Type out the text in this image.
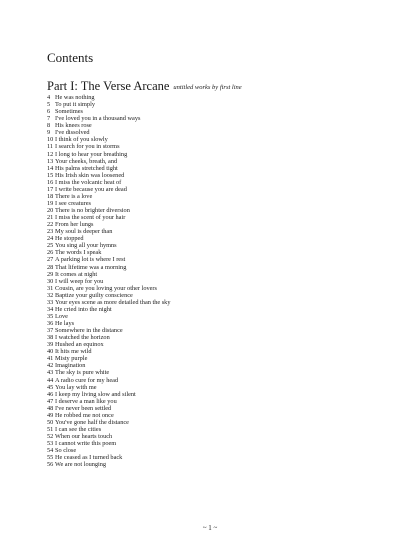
Contents
Part I: The Verse Arcane untitled works by first line
4 He was nothing
5 To put it simply
6 Sometimes
7 I've loved you in a thousand ways
8 His knees rose
9 I've dissolved
10 I think of you slowly
11 I search for you in storms
12 I long to hear your breathing
13 Your cheeks, breath, and
14 His palms stretched tight
15 His Irish skin was loosened
16 I miss the volcanic heat of
17 I write because you are dead
18 There is a love
19 I see creatures
20 There is no brighter diversion
21 I miss the scent of your hair
22 From her lungs
23 My soul is deeper than
24 He stopped
25 You sing all your hymns
26 The words I speak
27 A parking lot is where I rest
28 That lifetime was a morning
29 It comes at night
30 I will weep for you
31 Cousin, are you loving your other lovers
32 Baptize your guilty conscience
33 Your eyes scene as more detailed than the sky
34 He cried into the night
35 Love
36 He lays
37 Somewhere in the distance
38 I watched the horizon
39 Hushed an equinox
40 It hits me wild
41 Misty purple
42 Imagination
43 The sky is pure white
44 A radio cure for my head
45 You lay with me
46 I keep my living slow and silent
47 I deserve a man like you
48 I've never been settled
49 He robbed me not once
50 You've gone half the distance
51 I can see the cities
52 When our hearts touch
53 I cannot write this poem
54 So close
55 He ceased as I turned back
56 We are not lounging
~ 1 ~
